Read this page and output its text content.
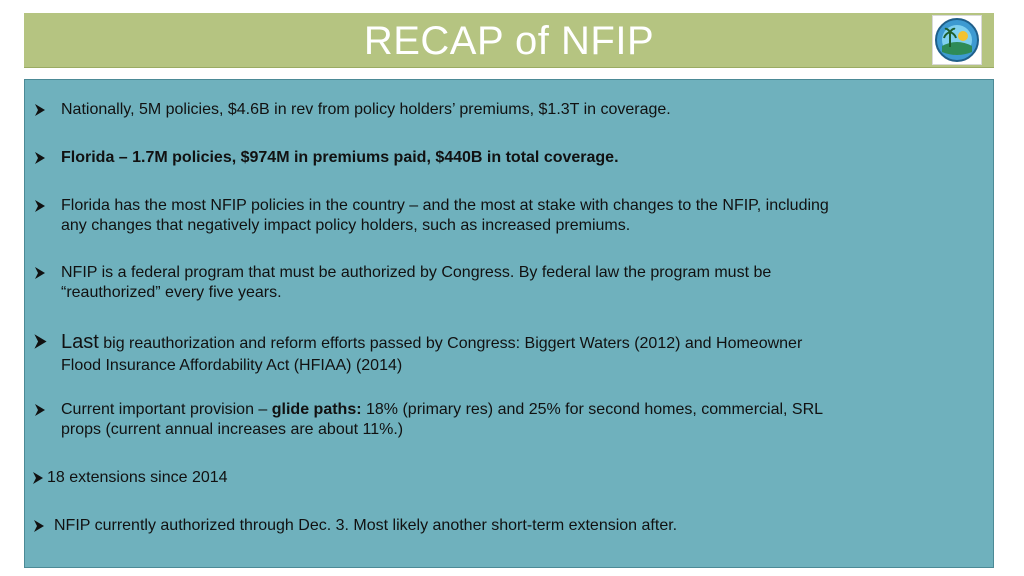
RECAP of NFIP
Nationally, 5M policies, $4.6B in rev from policy holders’ premiums, $1.3T in coverage.
Florida – 1.7M policies, $974M in premiums paid, $440B in total coverage.
Florida has the most NFIP policies in the country – and the most at stake with changes to the NFIP, including
any changes that negatively impact policy holders, such as increased premiums.
NFIP is a federal program that must be authorized by Congress. By federal law the program must be
“reauthorized” every five years.
Last big reauthorization and reform efforts passed by Congress: Biggert Waters (2012) and Homeowner
Flood Insurance Affordability Act (HFIAA) (2014)
Current important provision – glide paths: 18% (primary res) and 25% for second homes, commercial, SRL
props (current annual increases are about 11%.)
18 extensions since 2014
NFIP currently authorized through Dec. 3. Most likely another short-term extension after.
